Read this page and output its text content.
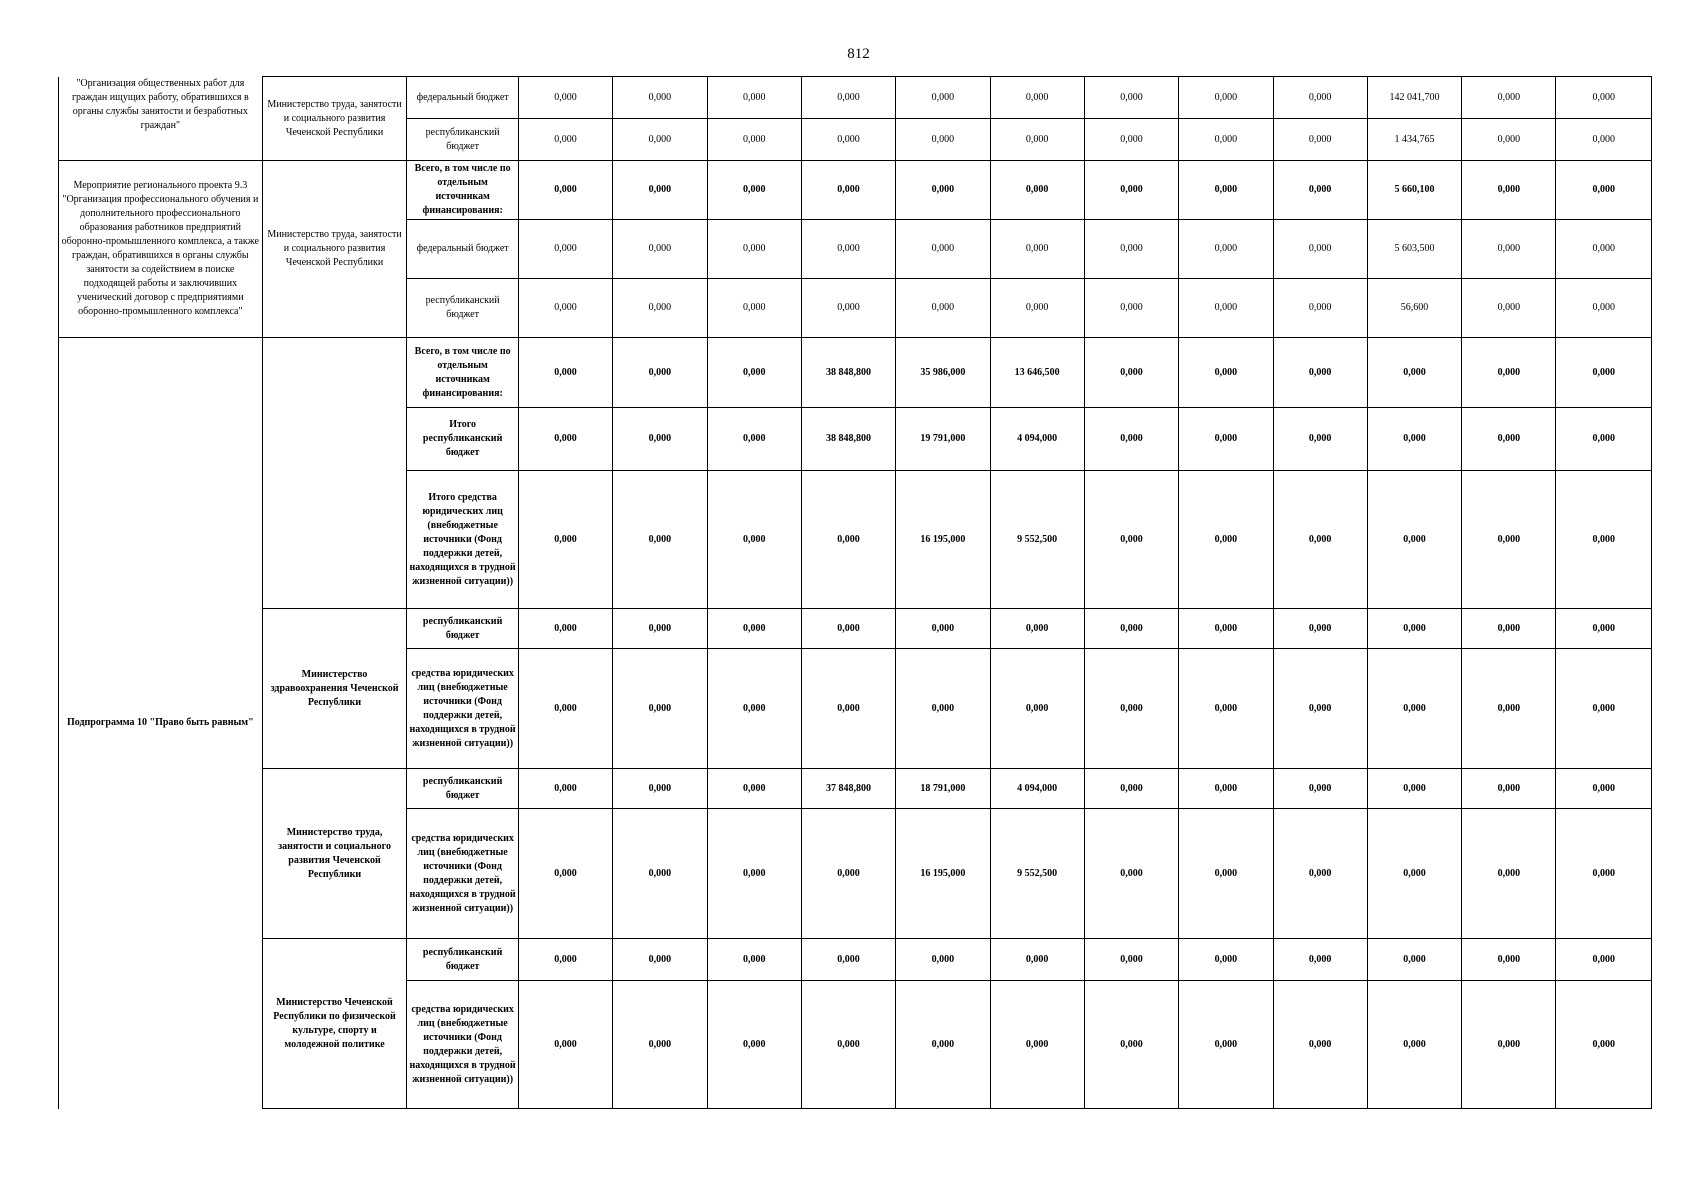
812
"Организация общественных работ для граждан ищущих работу, обратившихся в органы службы занятости и безработных граждан"	Министерство труда, занятости и социального развития Чеченской Республики	федеральный бюджет	0,000	0,000	0,000	0,000	0,000	0,000	0,000	0,000	0,000	142 041,700	0,000	0,000
		республиканский бюджет	0,000	0,000	0,000	0,000	0,000	0,000	0,000	0,000	0,000	1 434,765	0,000	0,000
Мероприятие регионального проекта 9.3 "Организация профессионального обучения и дополнительного профессионального образования работников предприятий оборонно-промышленного комплекса, а также граждан, обратившихся в органы службы занятости за содействием в поиске подходящей работы и заключивших ученический договор с предприятиями оборонно-промышленного комплекса"	Министерство труда, занятости и социального развития Чеченской Республики	Всего, в том числе по отдельным источникам финансирования:	0,000	0,000	0,000	0,000	0,000	0,000	0,000	0,000	0,000	5 660,100	0,000	0,000
		федеральный бюджет	0,000	0,000	0,000	0,000	0,000	0,000	0,000	0,000	0,000	5 603,500	0,000	0,000
		республиканский бюджет	0,000	0,000	0,000	0,000	0,000	0,000	0,000	0,000	0,000	56,600	0,000	0,000
Подпрограмма 10 "Право быть равным"		Всего, в том числе по отдельным источникам финансирования:	0,000	0,000	0,000	38 848,800	35 986,000	13 646,500	0,000	0,000	0,000	0,000	0,000	0,000
		Итого республиканский бюджет	0,000	0,000	0,000	38 848,800	19 791,000	4 094,000	0,000	0,000	0,000	0,000	0,000	0,000
		Итого средства юридических лиц (внебюджетные источники (Фонд поддержки детей, находящихся в трудной жизненной ситуации))	0,000	0,000	0,000	0,000	16 195,000	9 552,500	0,000	0,000	0,000	0,000	0,000	0,000
	Министерство здравоохранения Чеченской Республики	республиканский бюджет	0,000	0,000	0,000	0,000	0,000	0,000	0,000	0,000	0,000	0,000	0,000	0,000
		средства юридических лиц (внебюджетные источники (Фонд поддержки детей, находящихся в трудной жизненной ситуации))	0,000	0,000	0,000	0,000	0,000	0,000	0,000	0,000	0,000	0,000	0,000	0,000
	Министерство труда, занятости и социального развития Чеченской Республики	республиканский бюджет	0,000	0,000	0,000	37 848,800	18 791,000	4 094,000	0,000	0,000	0,000	0,000	0,000	0,000
		средства юридических лиц (внебюджетные источники (Фонд поддержки детей, находящихся в трудной жизненной ситуации))	0,000	0,000	0,000	0,000	16 195,000	9 552,500	0,000	0,000	0,000	0,000	0,000	0,000
	Министерство Чеченской Республики по физической культуре, спорту и молодежной политике	республиканский бюджет	0,000	0,000	0,000	0,000	0,000	0,000	0,000	0,000	0,000	0,000	0,000	0,000
		средства юридических лиц (внебюджетные источники (Фонд поддержки детей, находящихся в трудной жизненной ситуации))	0,000	0,000	0,000	0,000	0,000	0,000	0,000	0,000	0,000	0,000	0,000	0,000
